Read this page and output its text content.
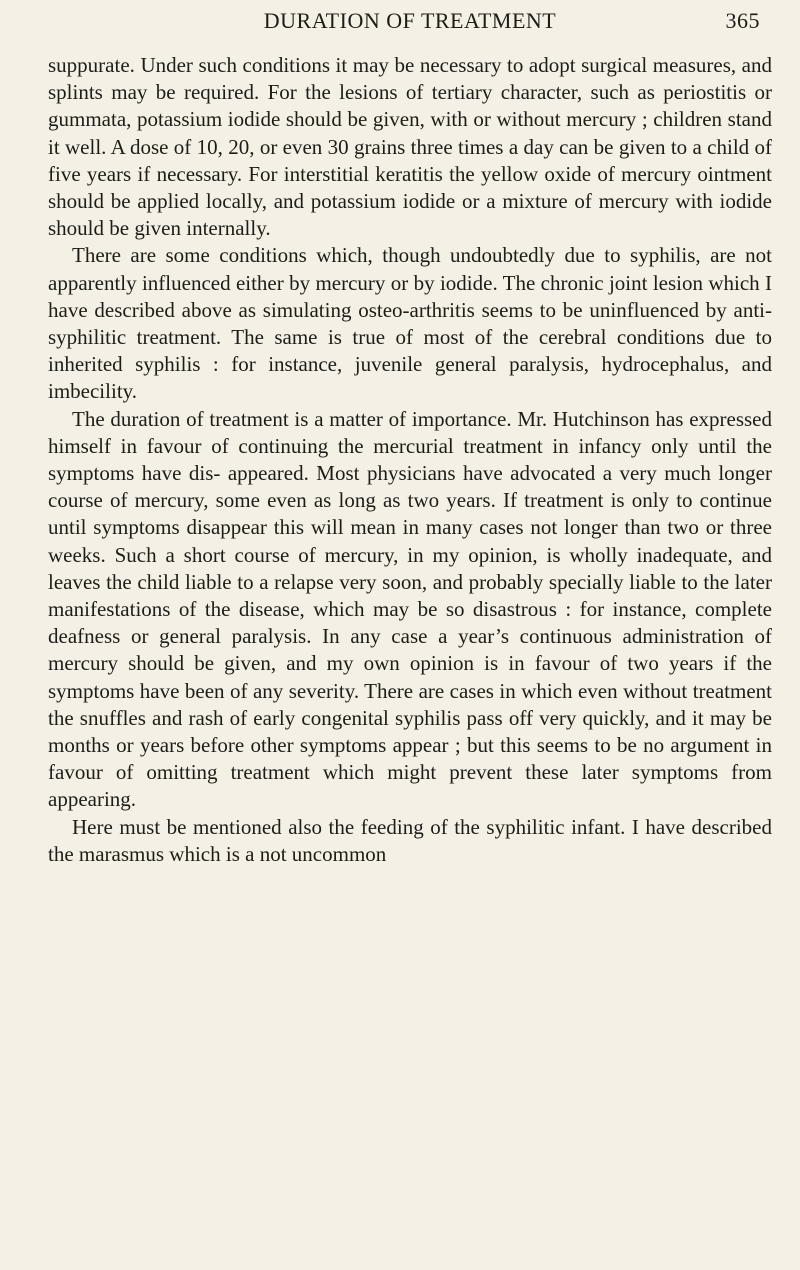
DURATION OF TREATMENT	365

suppurate. Under such conditions it may be necessary to adopt surgical measures, and splints may be required. For the lesions of tertiary character, such as periostitis or gummata, potassium iodide should be given, with or without mercury ; children stand it well. A dose of 10, 20, or even 30 grains three times a day can be given to a child of five years if necessary. For interstitial keratitis the yellow oxide of mercury ointment should be applied locally, and potassium iodide or a mixture of mercury with iodide should be given internally.

There are some conditions which, though undoubtedly due to syphilis, are not apparently influenced either by mercury or by iodide. The chronic joint lesion which I have described above as simulating osteo-arthritis seems to be uninfluenced by anti- syphilitic treatment. The same is true of most of the cerebral conditions due to inherited syphilis : for instance, juvenile general paralysis, hydrocephalus, and imbecility.

The duration of treatment is a matter of importance. Mr. Hutchinson has expressed himself in favour of continuing the mercurial treatment in infancy only until the symptoms have dis- appeared. Most physicians have advocated a very much longer course of mercury, some even as long as two years. If treatment is only to continue until symptoms disappear this will mean in many cases not longer than two or three weeks. Such a short course of mercury, in my opinion, is wholly inadequate, and leaves the child liable to a relapse very soon, and probably specially liable to the later manifestations of the disease, which may be so disastrous : for instance, complete deafness or general paralysis. In any case a year’s continuous administration of mercury should be given, and my own opinion is in favour of two years if the symptoms have been of any severity. There are cases in which even without treatment the snuffles and rash of early congenital syphilis pass off very quickly, and it may be months or years before other symptoms appear ; but this seems to be no argument in favour of omitting treatment which might prevent these later symptoms from appearing.

Here must be mentioned also the feeding of the syphilitic infant. I have described the marasmus which is a not uncommon
